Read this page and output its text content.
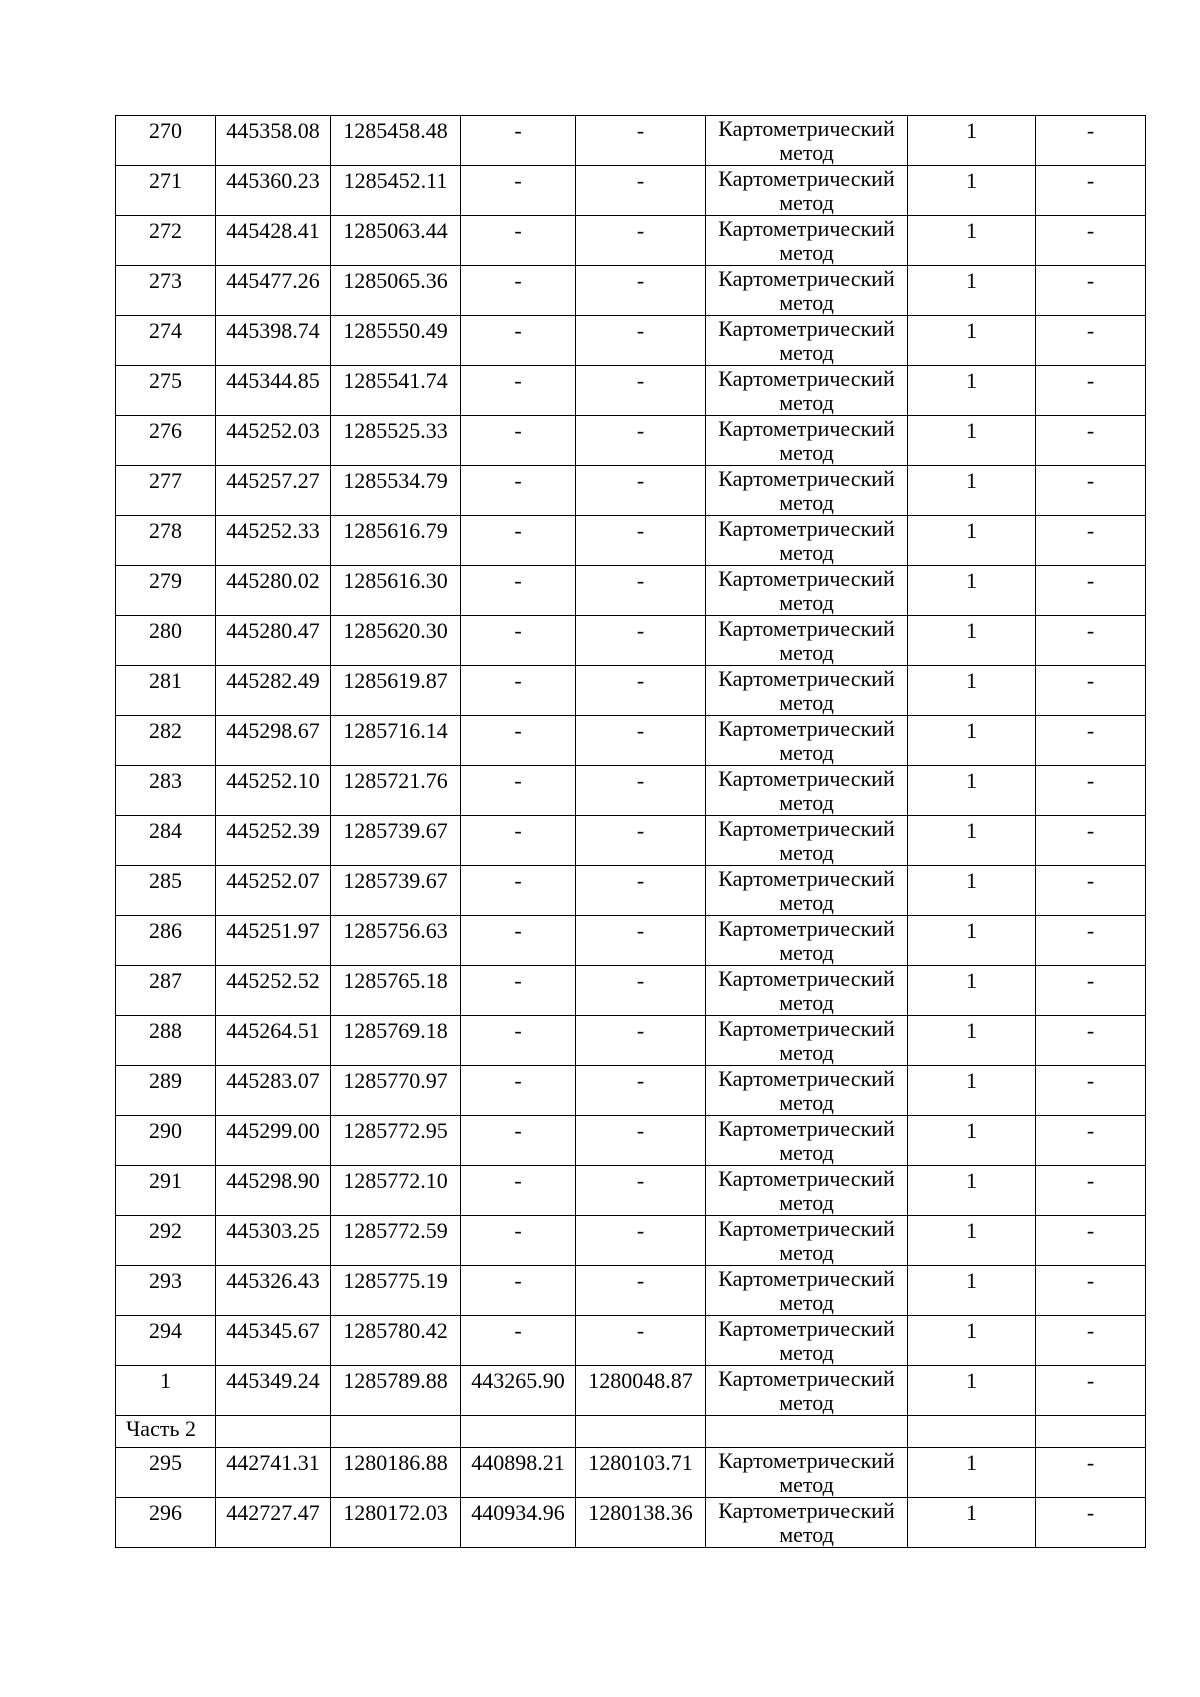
270	445358.08	1285458.48	-	-	Картометрический
метод	1	-

271	445360.23	1285452.11	-	-	Картометрический
метод	1	-

272	445428.41	1285063.44	-	-	Картометрический
метод	1	-

273	445477.26	1285065.36	-	-	Картометрический
метод	1	-

274	445398.74	1285550.49	-	-	Картометрический
метод	1	-

275	445344.85	1285541.74	-	-	Картометрический
метод	1	-

276	445252.03	1285525.33	-	-	Картометрический
метод	1	-

277	445257.27	1285534.79	-	-	Картометрический
метод	1	-

278	445252.33	1285616.79	-	-	Картометрический
метод	1	-

279	445280.02	1285616.30	-	-	Картометрический
метод	1	-

280	445280.47	1285620.30	-	-	Картометрический
метод	1	-

281	445282.49	1285619.87	-	-	Картометрический
метод	1	-

282	445298.67	1285716.14	-	-	Картометрический
метод	1	-

283	445252.10	1285721.76	-	-	Картометрический
метод	1	-

284	445252.39	1285739.67	-	-	Картометрический
метод	1	-

285	445252.07	1285739.67	-	-	Картометрический
метод	1	-

286	445251.97	1285756.63	-	-	Картометрический
метод	1	-

287	445252.52	1285765.18	-	-	Картометрический
метод	1	-

288	445264.51	1285769.18	-	-	Картометрический
метод	1	-

289	445283.07	1285770.97	-	-	Картометрический
метод	1	-

290	445299.00	1285772.95	-	-	Картометрический
метод	1	-

291	445298.90	1285772.10	-	-	Картометрический
метод	1	-

292	445303.25	1285772.59	-	-	Картометрический
метод	1	-

293	445326.43	1285775.19	-	-	Картометрический
метод	1	-

294	445345.67	1285780.42	-	-	Картометрический
метод	1	-

1	445349.24	1285789.88	443265.90	1280048.87	Картометрический
метод	1	-

Часть 2							

295	442741.31	1280186.88	440898.21	1280103.71	Картометрический
метод	1	-

296	442727.47	1280172.03	440934.96	1280138.36	Картометрический
метод	1	-
